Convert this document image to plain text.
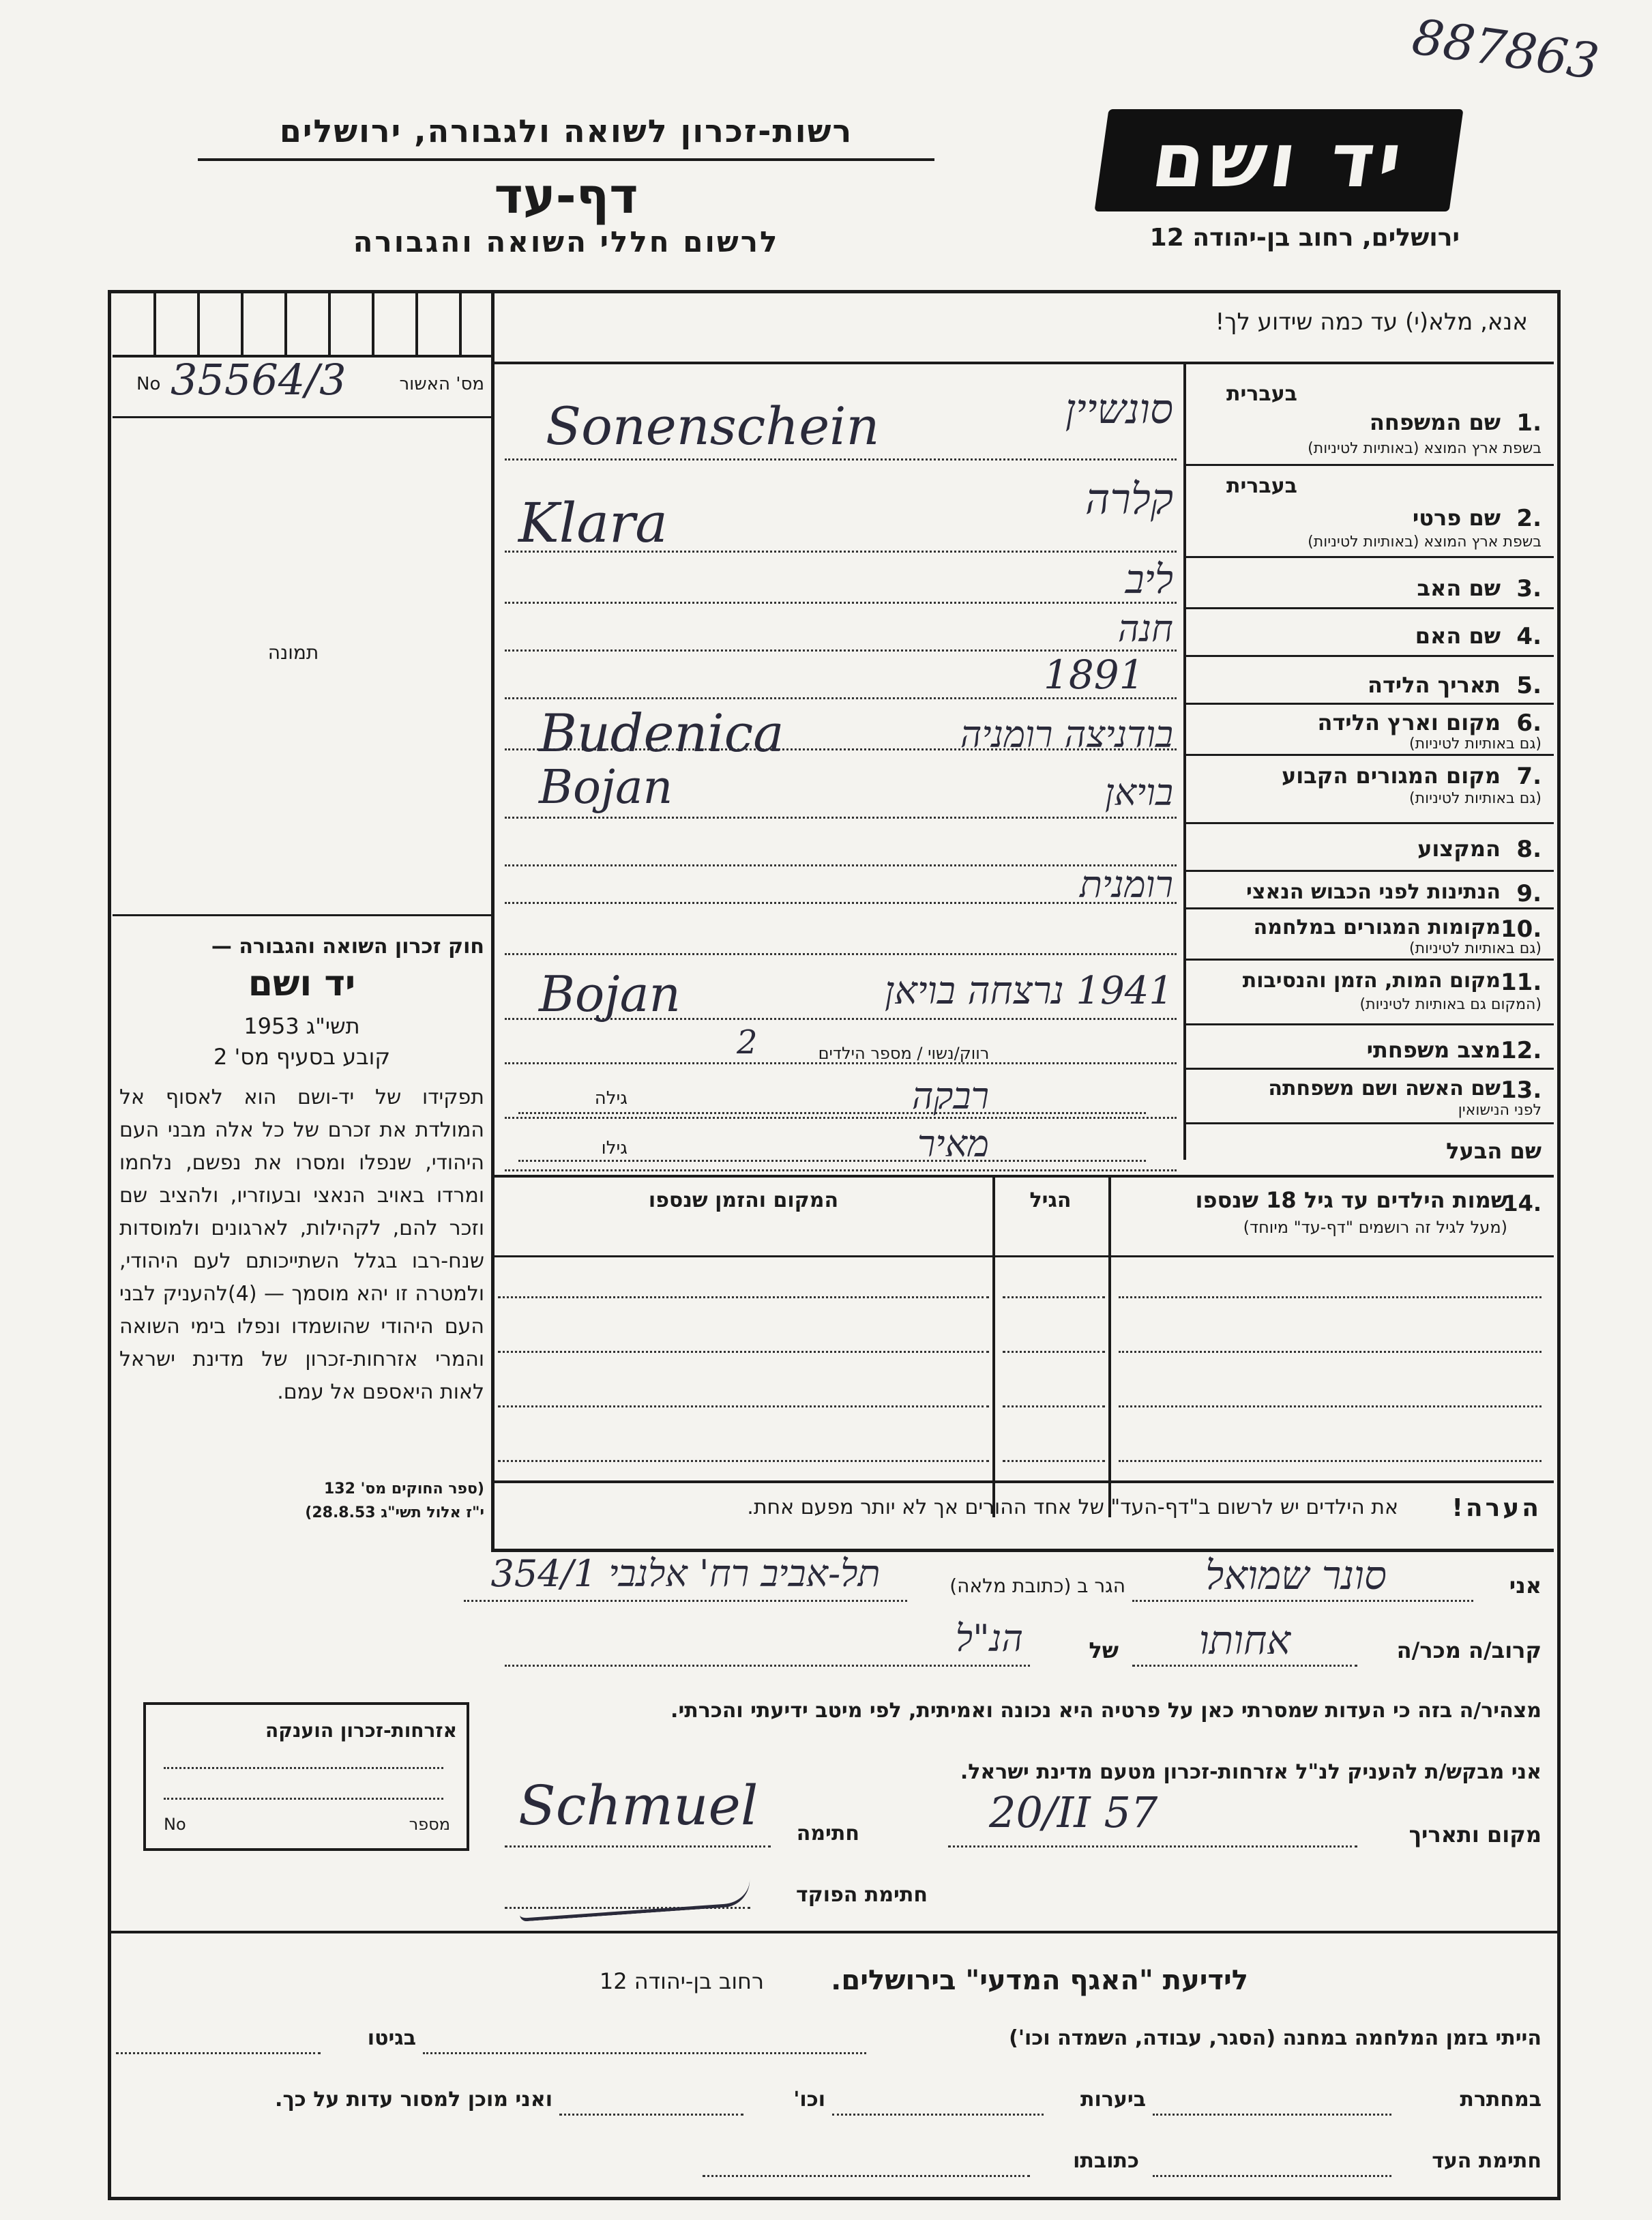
887863
יד ושם
ירושלים, רחוב בן-יהודה 12
רשות-זכרון לשואה ולגבורה, ירושלים
דף-עד
לרשום חללי השואה והגבורה
אנא, מלא(י) עד כמה שידוע לך!
מס' האשור
No 35564/3
תמונה
חוק זכרון השואה והגבורה —
יד ושם
תשי"ג 1953
קובע בסעיף מס' 2
תפקידו של יד-ושם הוא לאסוף אל המולדת את זכרם של כל אלה מבני העם היהודי, שנפלו ומסרו את נפשם, נלחמו ומרדו באויב הנאצי ובעוזריו, ולהציב שם וזכר להם, לקהילות, לארגונים ולמוסדות שנח-רבו בגלל השתייכותם לעם היהודי, ולמטרה זו יהא מוסמך — (4)להעניק לבני העם היהודי שהושמדו ונפלו בימי השואה והמרי אזרחות-זכרון של מדינת ישראל לאות היאספם אל עמם.
(ספר החוקים מס' 132
י"ז אלול תשי"ג 28.8.53)
רווק/נשוי / מספר הילדים
2
גילה	רבקה
גילו	מאיר
14.
שמות הילדים עד גיל 18 שנספו
(מעל לגיל זה רושמים "דף-עד" מיוחד)
הגיל
המקום והזמן שנספו
הערה!
את הילדים יש לרשום ב"דף-העד" של אחד ההורים אך לא יותר מפעם אחת.
אני
סונר שמואל
הגר ב (כתובת מלאה)
תל-אביב רח' אלנבי 354/1
קרוב/ה מכר/ה
אחותו
של
הנ"ל
מצהיר/ה בזה כי העדות שמסרתי כאן על פרטיה היא נכונה ואמיתית, לפי מיטב ידיעתי והכרתי.
אני מבקש/ת להעניק לנ"ל אזרחות-זכרון מטעם מדינת ישראל.
מקום ותאריך
20/II 57
חתימה
Schmuel
חתימת הפוקד
אזרחות-זכרון הוענקה
מספר
No
לידיעת "האגף המדעי" בירושלים.
רחוב בן-יהודה 12
הייתי בזמן המלחמה במחנה (הסגר, עבודה, השמדה וכו')
בגיטו
במחתרת
ביערות
וכו'
ואני מוכן למסור עדות על כך.
חתימת העד
כתובתו
בעברית
1.
שם המשפחה
בשפת ארץ המוצא (באותיות לטיניות)
סונשיין
Sonenschein
בעברית
2.
שם פרטי
בשפת ארץ המוצא (באותיות לטיניות)
קלרה
Klara
3.
שם האב
ליב
4.
שם האם
חנה
5.
תאריך הלידה
1891
6.
מקום וארץ הלידה
(גם באותיות לטיניות)
בודניצה רומניה
Budenica
7.
מקום המגורים הקבוע
(גם באותיות לטיניות)
בויאן
Bojan
8.
המקצוע
9.
הנתינות לפני הכבוש הנאצי
רומנית
10.
מקומות המגורים במלחמה
(גם באותיות לטיניות)
11.
מקום המות, הזמן והנסיבות
(המקום גם באותיות לטיניות)
1941 נרצחה בויאן
Bojan
12.
מצב משפחתי
13.
שם האשה ושם משפחתה
לפני הנישואין
שם הבעל
